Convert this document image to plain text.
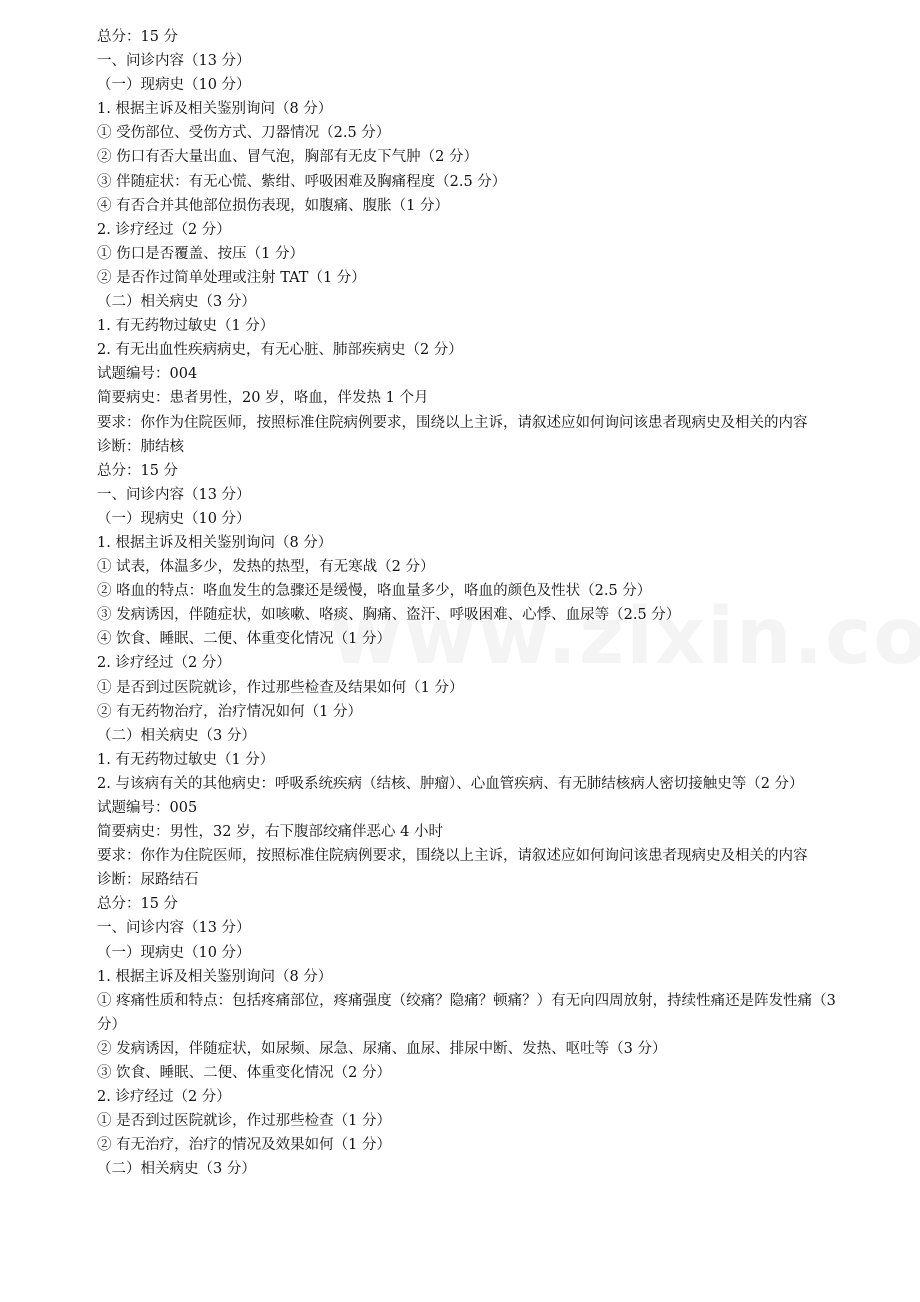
总分：15 分
一、问诊内容（13 分）
（一）现病史（10 分）
1. 根据主诉及相关鉴别询问（8 分）
① 受伤部位、受伤方式、刀器情况（2.5 分）
② 伤口有否大量出血、冒气泡，胸部有无皮下气肿（2 分）
③ 伴随症状：有无心慌、紫绀、呼吸困难及胸痛程度（2.5 分）
④ 有否合并其他部位损伤表现，如腹痛、腹胀（1 分）
2. 诊疗经过（2 分）
① 伤口是否覆盖、按压（1 分）
② 是否作过简单处理或注射 TAT（1 分）
（二）相关病史（3 分）
1. 有无药物过敏史（1 分）
2. 有无出血性疾病病史，有无心脏、肺部疾病史（2 分）
试题编号：004
简要病史：患者男性，20 岁，咯血，伴发热 1 个月
要求：你作为住院医师，按照标准住院病例要求，围绕以上主诉，请叙述应如何询问该患者现病史及相关的内容
诊断：肺结核
总分：15 分
一、问诊内容（13 分）
（一）现病史（10 分）
1. 根据主诉及相关鉴别询问（8 分）
① 试表，体温多少，发热的热型，有无寒战（2 分）
② 咯血的特点：咯血发生的急骤还是缓慢，咯血量多少，咯血的颜色及性状（2.5 分）
③ 发病诱因，伴随症状，如咳嗽、咯痰、胸痛、盗汗、呼吸困难、心悸、血尿等（2.5 分）
④ 饮食、睡眠、二便、体重变化情况（1 分）
2. 诊疗经过（2 分）
① 是否到过医院就诊，作过那些检查及结果如何（1 分）
② 有无药物治疗，治疗情况如何（1 分）
（二）相关病史（3 分）
1. 有无药物过敏史（1 分）
2. 与该病有关的其他病史：呼吸系统疾病（结核、肿瘤）、心血管疾病、有无肺结核病人密切接触史等（2 分）
试题编号：005
简要病史：男性，32 岁，右下腹部绞痛伴恶心 4 小时
要求：你作为住院医师，按照标准住院病例要求，围绕以上主诉，请叙述应如何询问该患者现病史及相关的内容
诊断：尿路结石
总分：15 分
一、问诊内容（13 分）
（一）现病史（10 分）
1. 根据主诉及相关鉴别询问（8 分）
① 疼痛性质和特点：包括疼痛部位，疼痛强度（绞痛？隐痛？顿痛？）有无向四周放射，持续性痛还是阵发性痛（3 分）
② 发病诱因，伴随症状，如尿频、尿急、尿痛、血尿、排尿中断、发热、呕吐等（3 分）
③ 饮食、睡眠、二便、体重变化情况（2 分）
2. 诊疗经过（2 分）
① 是否到过医院就诊，作过那些检查（1 分）
② 有无治疗，治疗的情况及效果如何（1 分）
（二）相关病史（3 分）
